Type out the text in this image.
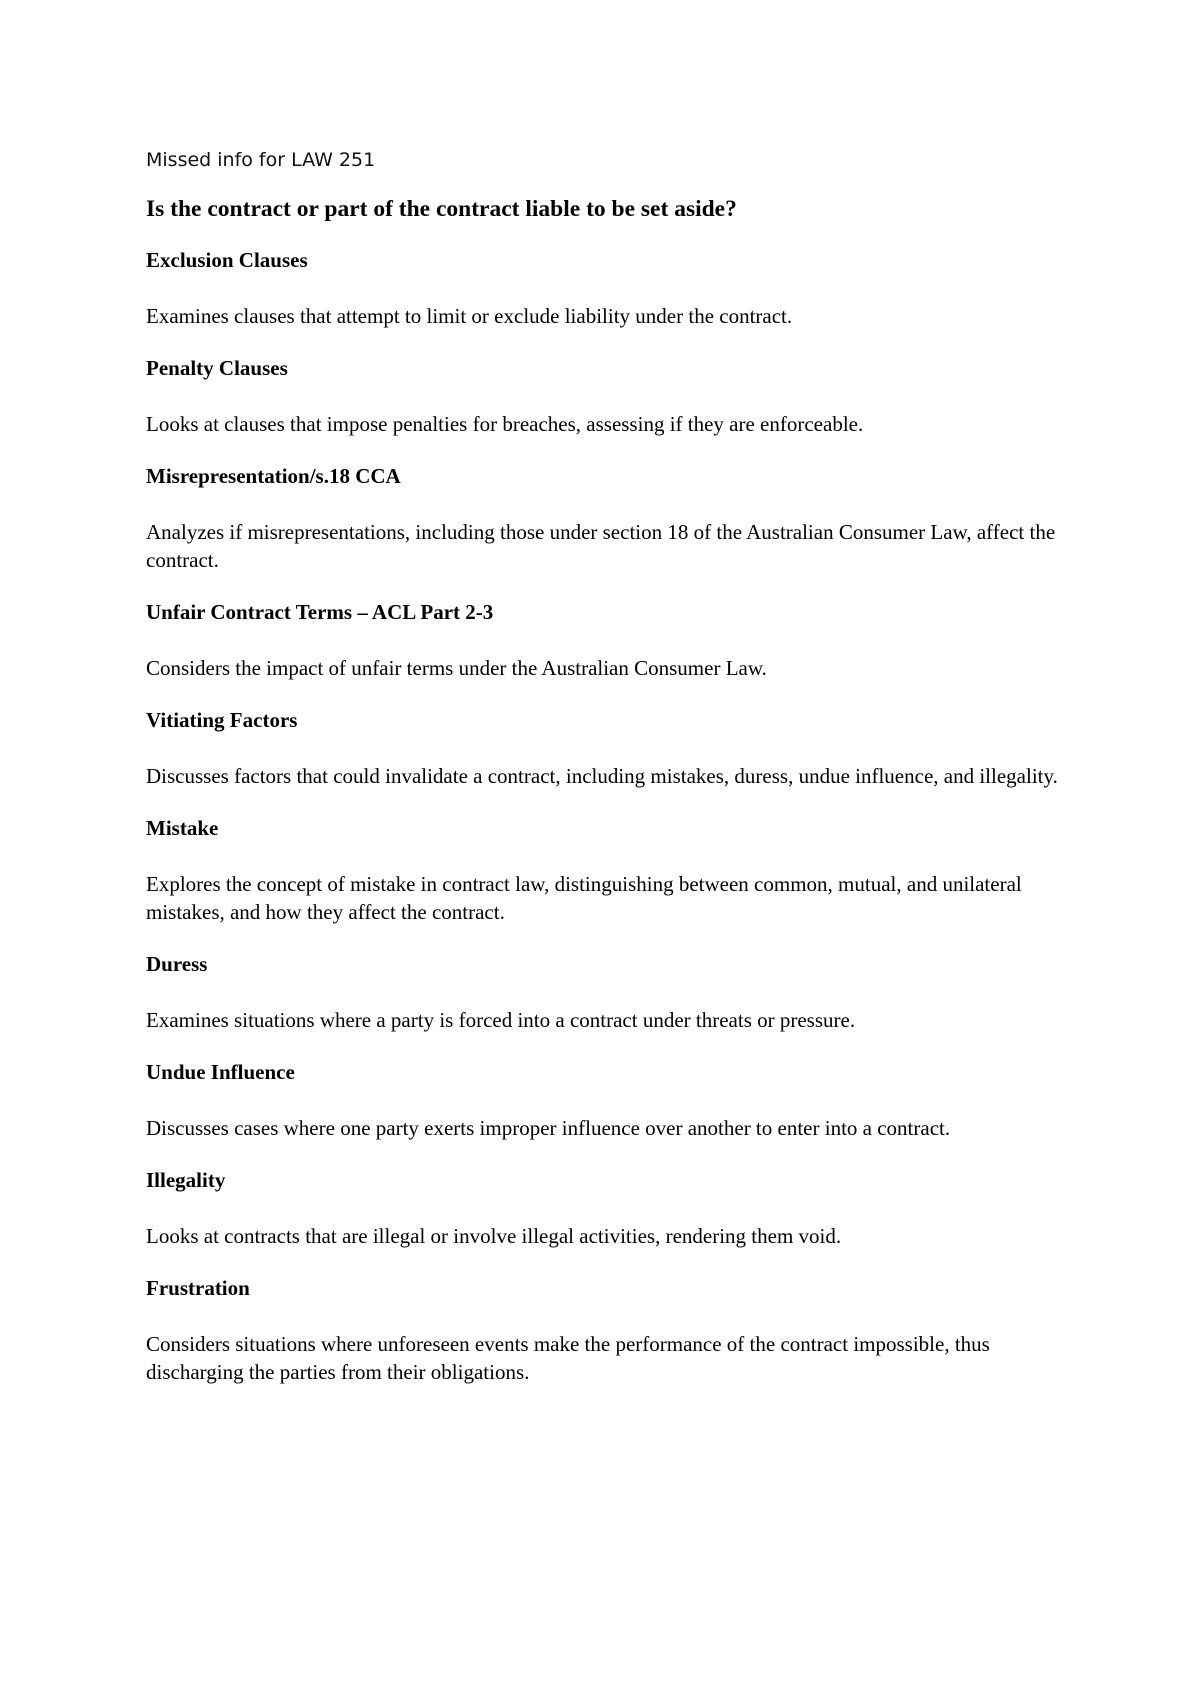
Missed info for LAW 251

Is the contract or part of the contract liable to be set aside?
Exclusion Clauses

Examines clauses that attempt to limit or exclude liability under the contract.

Penalty Clauses

Looks at clauses that impose penalties for breaches, assessing if they are enforceable.

Misrepresentation/s.18 CCA

Analyzes if misrepresentations, including those under section 18 of the Australian Consumer Law, affect the contract.

Unfair Contract Terms – ACL Part 2-3

Considers the impact of unfair terms under the Australian Consumer Law.

Vitiating Factors

Discusses factors that could invalidate a contract, including mistakes, duress, undue influence, and illegality.

Mistake

Explores the concept of mistake in contract law, distinguishing between common, mutual, and unilateral mistakes, and how they affect the contract.

Duress

Examines situations where a party is forced into a contract under threats or pressure.

Undue Influence

Discusses cases where one party exerts improper influence over another to enter into a contract.

Illegality

Looks at contracts that are illegal or involve illegal activities, rendering them void.

Frustration

Considers situations where unforeseen events make the performance of the contract impossible, thus discharging the parties from their obligations.
